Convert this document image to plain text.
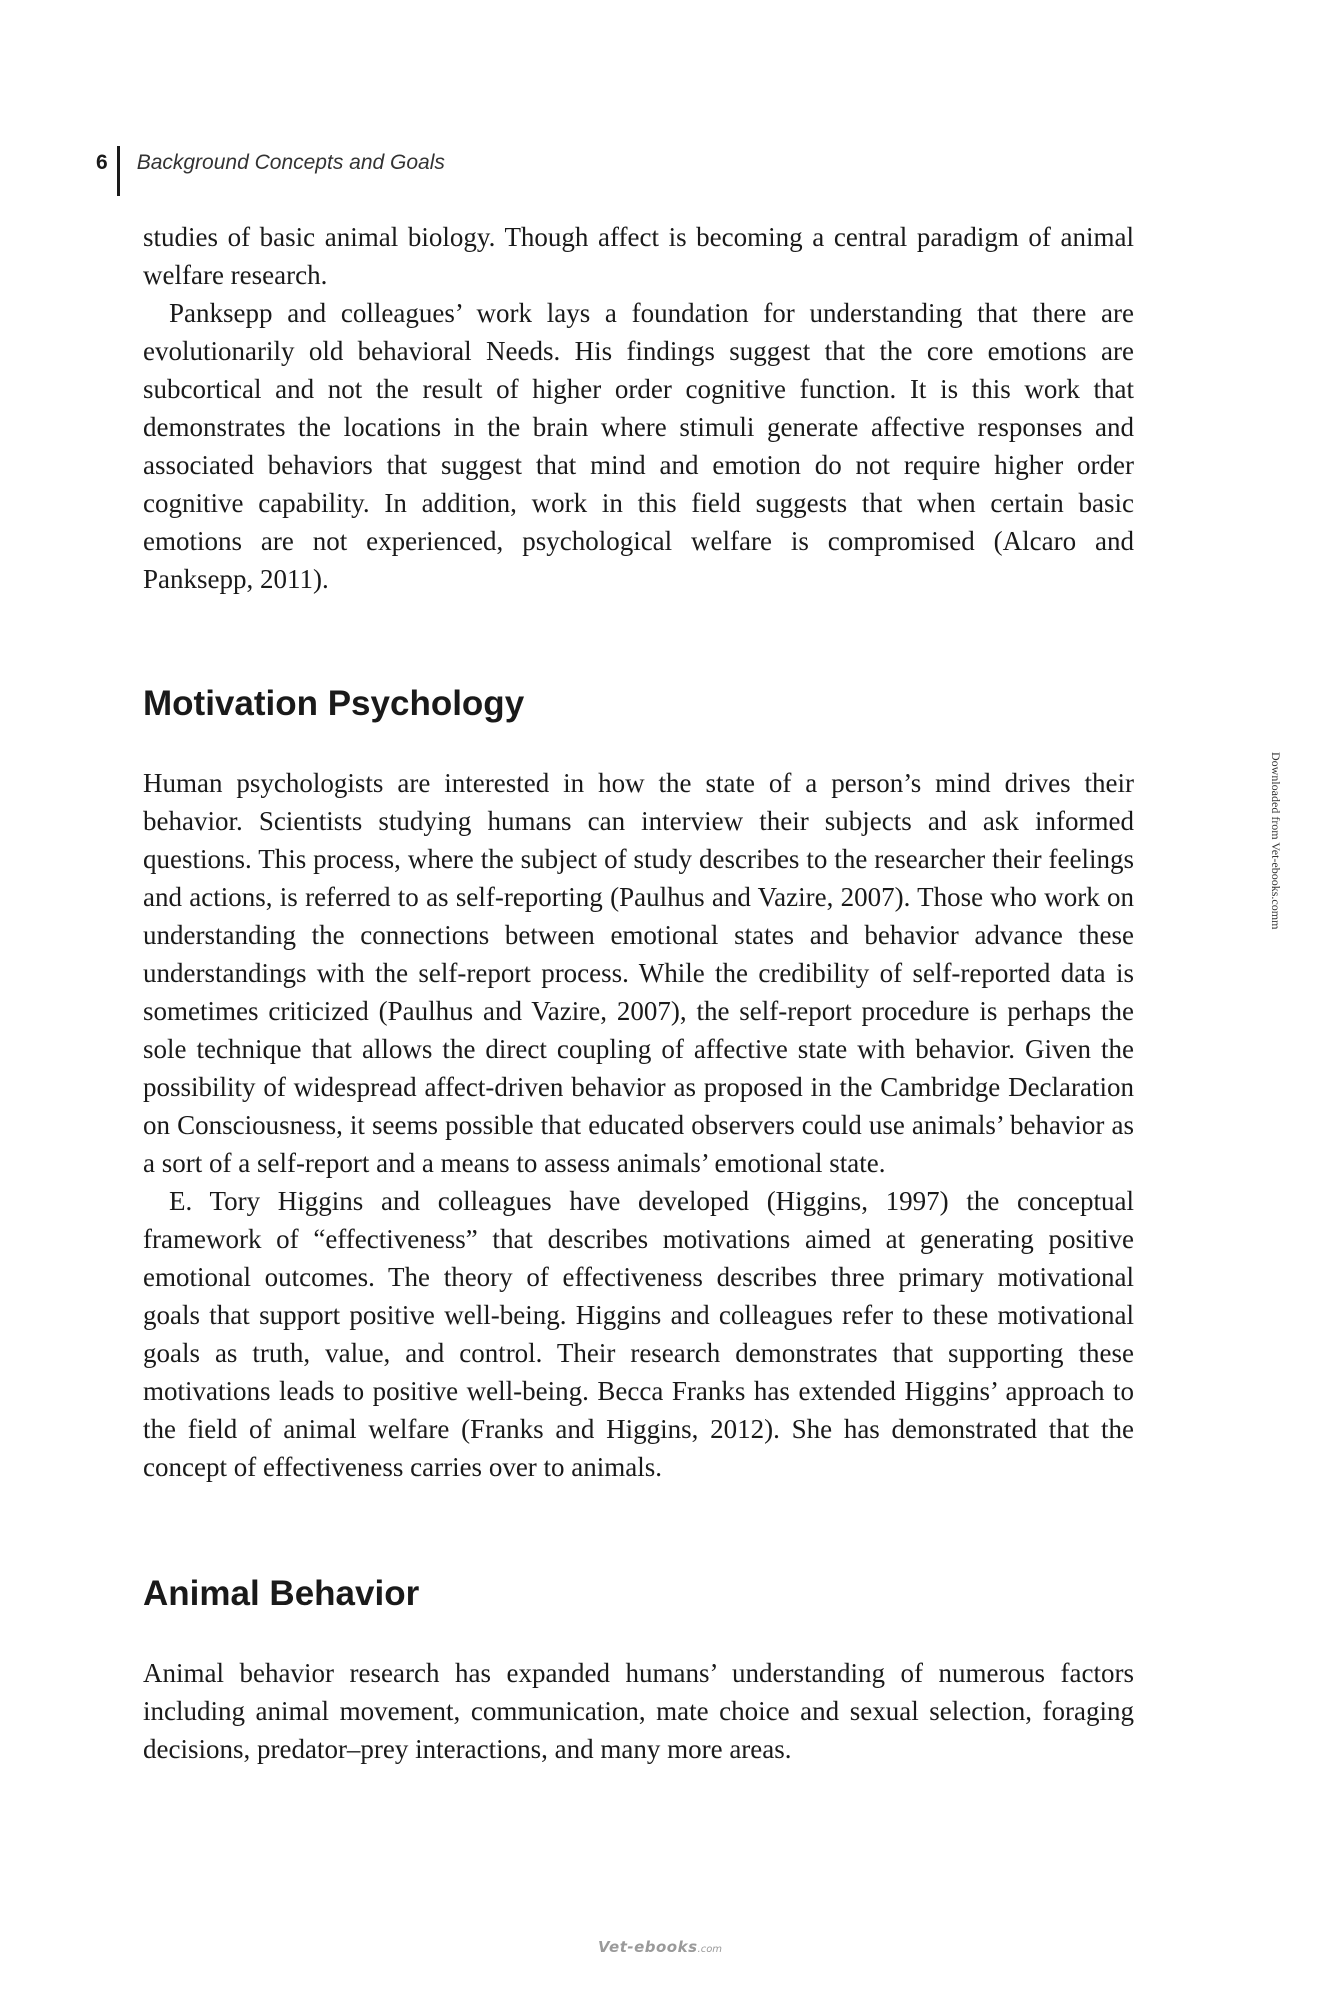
6 Background Concepts and Goals

studies of basic animal biology. Though affect is becoming a central paradigm of animal welfare research.

Panksepp and colleagues’ work lays a foundation for understanding that there are evolutionarily old behavioral Needs. His findings suggest that the core emotions are subcortical and not the result of higher order cognitive function. It is this work that demonstrates the locations in the brain where stimuli generate affective responses and associated behaviors that suggest that mind and emotion do not require higher order cognitive capability. In addition, work in this field suggests that when certain basic emotions are not experienced, psychological welfare is compromised (Alcaro and Panksepp, 2011).

Motivation Psychology

Human psychologists are interested in how the state of a person’s mind drives their behavior. Scientists studying humans can interview their subjects and ask informed questions. This process, where the subject of study describes to the researcher their feelings and actions, is referred to as self-reporting (Paulhus and Vazire, 2007). Those who work on understanding the connections between emotional states and behavior advance these understandings with the self-report process. While the credibility of self-reported data is sometimes criticized (Paulhus and Vazire, 2007), the self-report procedure is perhaps the sole technique that allows the direct coupling of affective state with behavior. Given the possibility of widespread affect-driven behavior as proposed in the Cambridge Declaration on Consciousness, it seems possible that educated observers could use animals’ behavior as a sort of a self-report and a means to assess animals’ emotional state.

E. Tory Higgins and colleagues have developed (Higgins, 1997) the conceptual framework of “effectiveness” that describes motivations aimed at generating positive emotional outcomes. The theory of effectiveness describes three primary motivational goals that support positive well-being. Higgins and colleagues refer to these motivational goals as truth, value, and control. Their research demonstrates that supporting these motivations leads to positive well-being. Becca Franks has extended Higgins’ approach to the field of animal welfare (Franks and Higgins, 2012). She has demonstrated that the concept of effectiveness carries over to animals.

Animal Behavior

Animal behavior research has expanded humans’ understanding of numerous factors including animal movement, communication, mate choice and sexual selection, foraging decisions, predator–prey interactions, and many more areas.

Downloaded from Vet-ebooks.comm
Vet-ebooks .com
